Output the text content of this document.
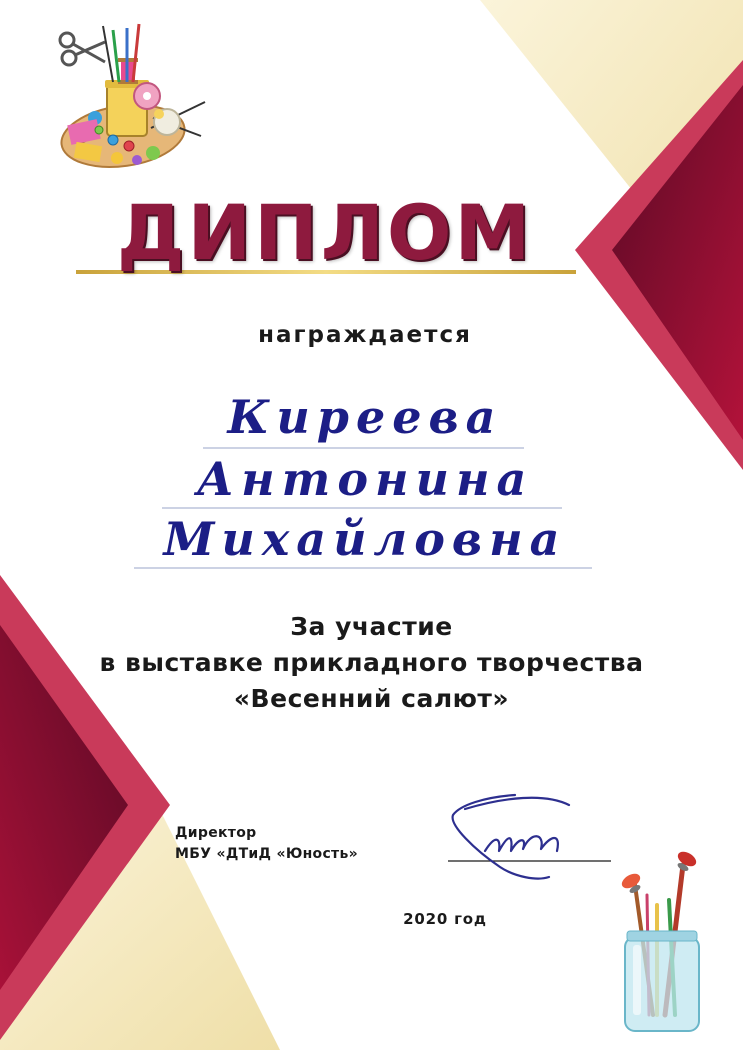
ДИПЛОМ
награждается
Киреева
Антонина
Михайловна
За участие
в выставке прикладного творчества
«Весенний салют»
Директор
МБУ «ДТиД «Юность»
2020 год
